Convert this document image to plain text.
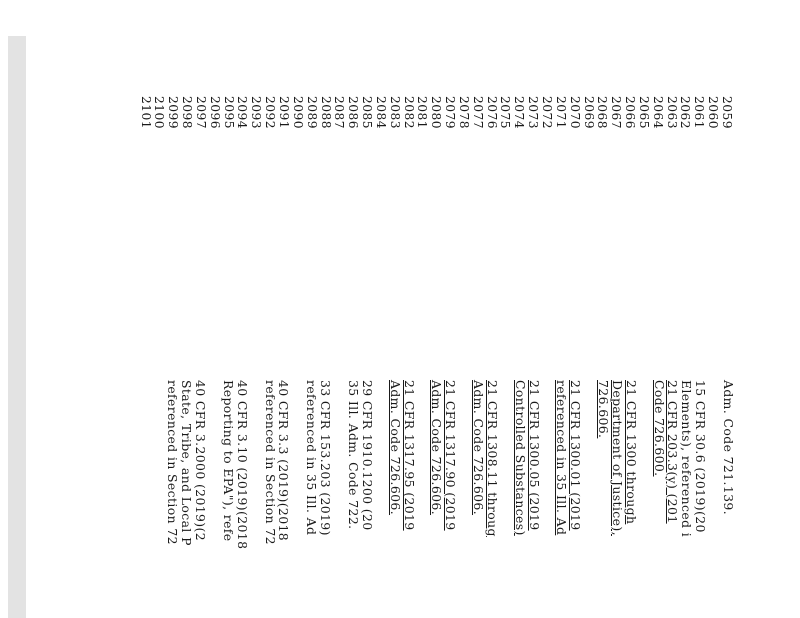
2059
2060
2061
2062
2063
2064
2065
2066
2067
2068
2069
2070
2071
2072
2073
2074
2075
2076
2077
2078
2079
2080
2081
2082
2083
2084
2085
2086
2087
2088
2089
2090
2091
2092
2093
2094
2095
2096
2097
2098
2099
2100
2101
Adm. Code 721.139.
15 CFR 30.6 (2019)(20
Elements), referenced i
21 CFR 203.3(y) (201
Code 726.600.
21 CFR 1300 through
Department of Justice),
726.606.
21 CFR 1300.01 (2019
referenced in 35 Ill. Ad
21 CFR 1300.05 (2019
Controlled Substances)
21 CFR 1308.11 throug
Adm. Code 726.606.
21 CFR 1317.90 (2019
Adm. Code 726.606.
21 CFR 1317.95 (2019
Adm. Code 726.606.
29 CFR 1910.1200 (20
35 Ill. Adm. Code 722.
33 CFR 153.203 (2019)
referenced in 35 Ill. Ad
40 CFR 3.3 (2019)(2018
referenced in Section 72
40 CFR 3.10 (2019)(2018
Reporting to EPA"), refe
40 CFR 3.2000 (2019)(2
State, Tribe, and Local P
referenced in Section 72
